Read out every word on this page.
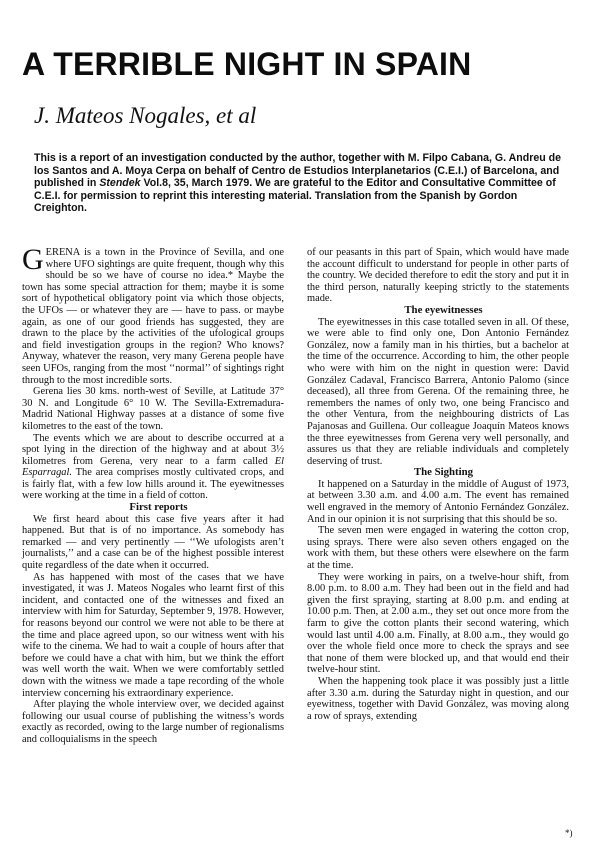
A TERRIBLE NIGHT IN SPAIN
J. Mateos Nogales, et al
This is a report of an investigation conducted by the author, together with M. Filpo Cabana, G. Andreu de los Santos and A. Moya Cerpa on behalf of Centro de Estudios Interplanetarios (C.E.I.) of Barcelona, and published in Stendek Vol.8, 35, March 1979. We are grateful to the Editor and Consultative Committee of C.E.I. for permission to reprint this interesting material. Translation from the Spanish by Gordon Creighton.

GERENA is a town in the Province of Sevilla, and one where UFO sightings are quite frequent, though why this should be so we have of course no idea.* Maybe the town has some special attraction for them; maybe it is some sort of hypothetical obligatory point via which those objects, the UFOs — or whatever they are — have to pass. or maybe again, as one of our good friends has suggested, they are drawn to the place by the activities of the ufological groups and field investigation groups in the region? Who knows? Anyway, whatever the reason, very many Gerena people have seen UFOs, ranging from the most ‘‘normal’’ of sightings right through to the most incredible sorts.

Gerena lies 30 kms. north-west of Seville, at Latitude 37° 30 N. and Longitude 6° 10 W. The Sevilla-Extremadura-Madrid National Highway passes at a distance of some five kilometres to the east of the town.

The events which we are about to describe occurred at a spot lying in the direction of the highway and at about 3½ kilometres from Gerena, very near to a farm called El Esparragal. The area comprises mostly cultivated crops, and is fairly flat, with a few low hills around it. The eyewitnesses were working at the time in a field of cotton.

First reports

We first heard about this case five years after it had happened. But that is of no importance. As somebody has remarked — and very pertinently — ‘‘We ufologists aren’t journalists,’’ and a case can be of the highest possible interest quite regardless of the date when it occurred.

As has happened with most of the cases that we have investigated, it was J. Mateos Nogales who learnt first of this incident, and contacted one of the witnesses and fixed an interview with him for Saturday, September 9, 1978. However, for reasons beyond our control we were not able to be there at the time and place agreed upon, so our witness went with his wife to the cinema. We had to wait a couple of hours after that before we could have a chat with him, but we think the effort was well worth the wait. When we were comfortably settled down with the witness we made a tape recording of the whole interview concerning his extraordinary experience.

After playing the whole interview over, we decided against following our usual course of publishing the witness’s words exactly as recorded, owing to the large number of regionalisms and colloquialisms in the speech

of our peasants in this part of Spain, which would have made the account difficult to understand for people in other parts of the country. We decided therefore to edit the story and put it in the third person, naturally keeping strictly to the statements made.

The eyewitnesses

The eyewitnesses in this case totalled seven in all. Of these, we were able to find only one, Don Antonio Fernández González, now a family man in his thirties, but a bachelor at the time of the occurrence. According to him, the other people who were with him on the night in question were: David González Cadaval, Francisco Barrera, Antonio Palomo (since deceased), all three from Gerena. Of the remaining three, he remembers the names of only two, one being Francisco and the other Ventura, from the neighbouring districts of Las Pajanosas and Guillena. Our colleague Joaquín Mateos knows the three eyewitnesses from Gerena very well personally, and assures us that they are reliable individuals and completely deserving of trust.

The Sighting

It happened on a Saturday in the middle of August of 1973, at between 3.30 a.m. and 4.00 a.m. The event has remained well engraved in the memory of Antonio Fernández González. And in our opinion it is not surprising that this should be so.

The seven men were engaged in watering the cotton crop, using sprays. There were also seven others engaged on the work with them, but these others were elsewhere on the farm at the time.

They were working in pairs, on a twelve-hour shift, from 8.00 p.m. to 8.00 a.m. They had been out in the field and had given the first spraying, starting at 8.00 p.m. and ending at 10.00 p.m. Then, at 2.00 a.m., they set out once more from the farm to give the cotton plants their second watering, which would last until 4.00 a.m. Finally, at 8.00 a.m., they would go over the whole field once more to check the sprays and see that none of them were blocked up, and that would end their twelve-hour stint.

When the happening took place it was possibly just a little after 3.30 a.m. during the Saturday night in question, and our eyewitness, together with David González, was moving along a row of sprays, extending

*)
